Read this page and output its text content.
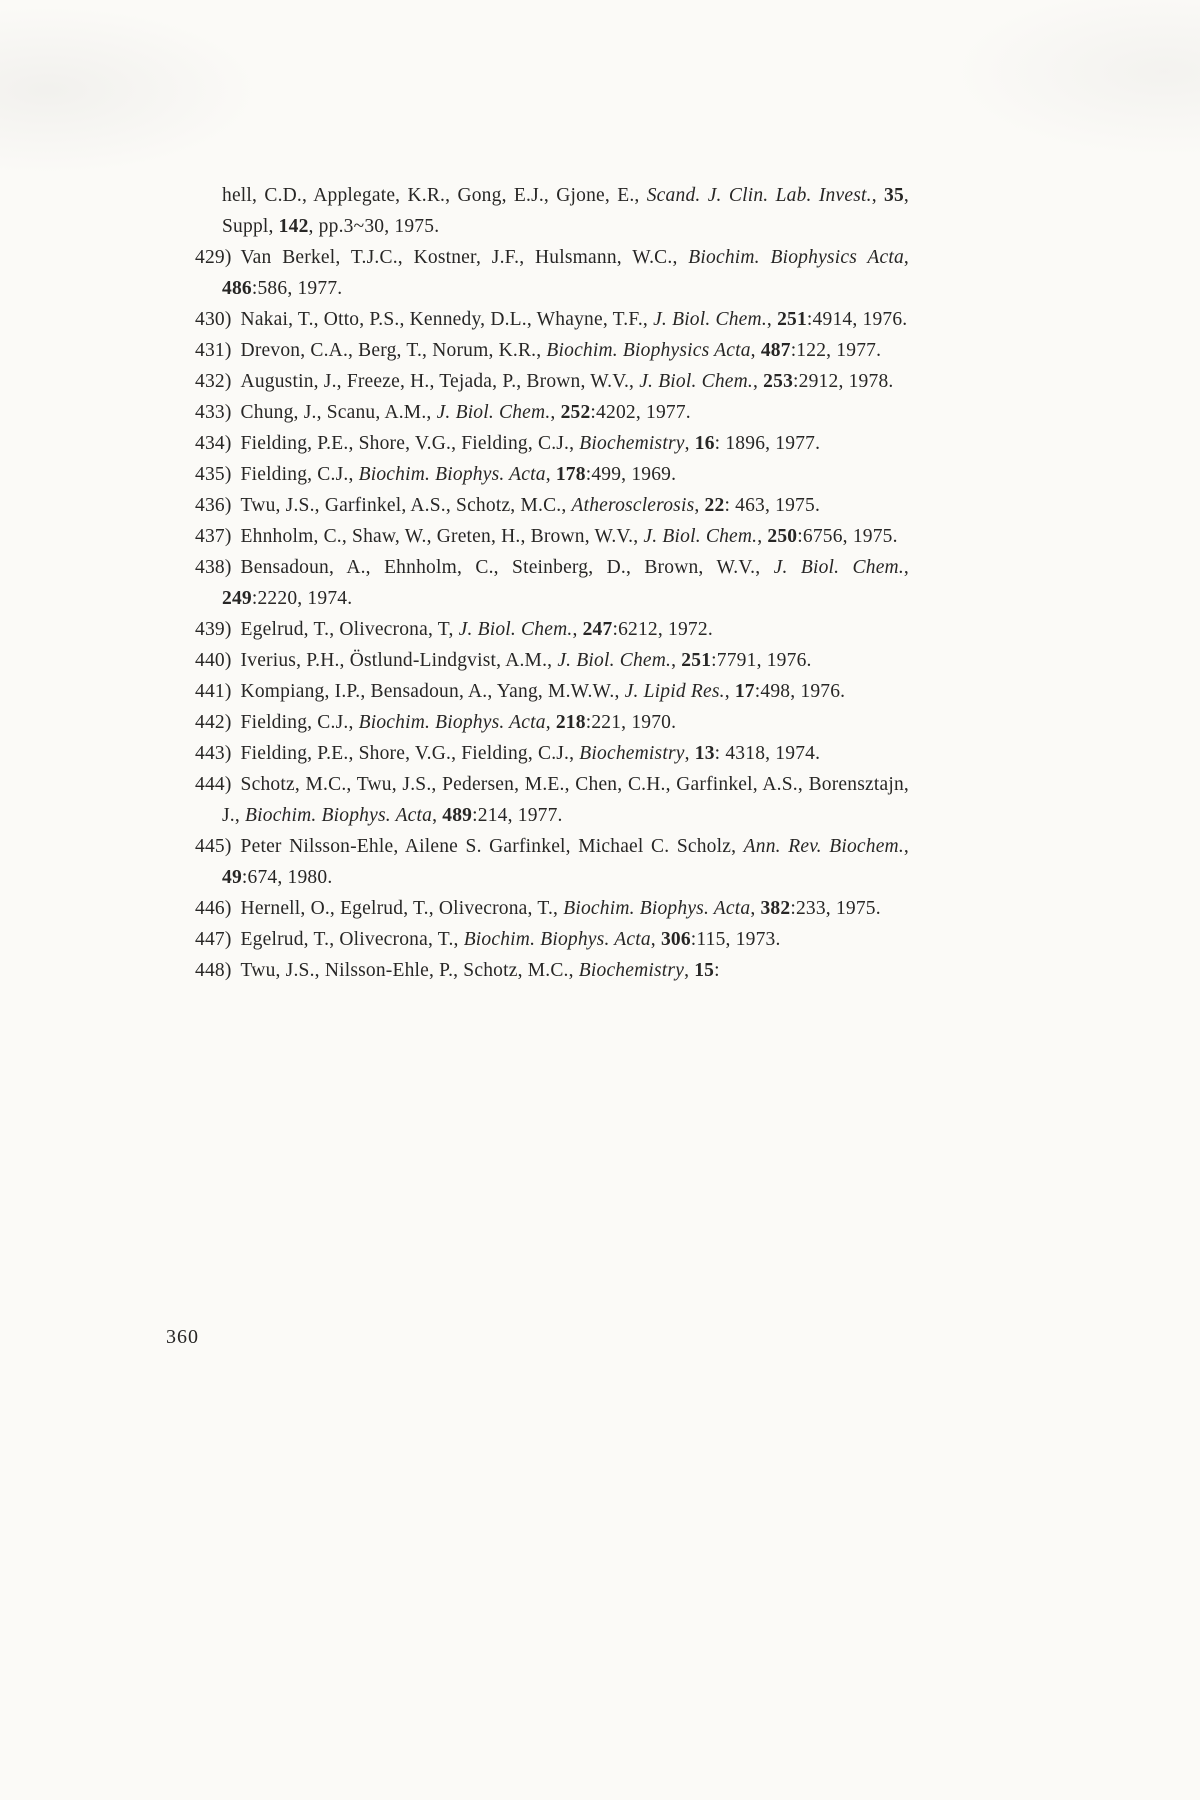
hell, C.D., Applegate, K.R., Gong, E.J., Gjone, E., Scand. J. Clin. Lab. Invest., 35, Suppl, 142, pp.3~30, 1975.
429) Van Berkel, T.J.C., Kostner, J.F., Hulsmann, W.C., Biochim. Biophysics Acta, 486:586, 1977.
430) Nakai, T., Otto, P.S., Kennedy, D.L., Whayne, T.F., J. Biol. Chem., 251:4914, 1976.
431) Drevon, C.A., Berg, T., Norum, K.R., Biochim. Biophysics Acta, 487:122, 1977.
432) Augustin, J., Freeze, H., Tejada, P., Brown, W.V., J. Biol. Chem., 253:2912, 1978.
433) Chung, J., Scanu, A.M., J. Biol. Chem., 252:4202, 1977.
434) Fielding, P.E., Shore, V.G., Fielding, C.J., Biochemistry, 16: 1896, 1977.
435) Fielding, C.J., Biochim. Biophys. Acta, 178:499, 1969.
436) Twu, J.S., Garfinkel, A.S., Schotz, M.C., Atherosclerosis, 22: 463, 1975.
437) Ehnholm, C., Shaw, W., Greten, H., Brown, W.V., J. Biol. Chem., 250:6756, 1975.
438) Bensadoun, A., Ehnholm, C., Steinberg, D., Brown, W.V., J. Biol. Chem., 249:2220, 1974.
439) Egelrud, T., Olivecrona, T, J. Biol. Chem., 247:6212, 1972.
440) Iverius, P.H., Östlund-Lindgvist, A.M., J. Biol. Chem., 251:7791, 1976.
441) Kompiang, I.P., Bensadoun, A., Yang, M.W.W., J. Lipid Res., 17:498, 1976.
442) Fielding, C.J., Biochim. Biophys. Acta, 218:221, 1970.
443) Fielding, P.E., Shore, V.G., Fielding, C.J., Biochemistry, 13: 4318, 1974.
444) Schotz, M.C., Twu, J.S., Pedersen, M.E., Chen, C.H., Garfinkel, A.S., Borensztajn, J., Biochim. Biophys. Acta, 489:214, 1977.
445) Peter Nilsson-Ehle, Ailene S. Garfinkel, Michael C. Scholz, Ann. Rev. Biochem., 49:674, 1980.
446) Hernell, O., Egelrud, T., Olivecrona, T., Biochim. Biophys. Acta, 382:233, 1975.
447) Egelrud, T., Olivecrona, T., Biochim. Biophys. Acta, 306:115, 1973.
448) Twu, J.S., Nilsson-Ehle, P., Schotz, M.C., Biochemistry, 15:
360
